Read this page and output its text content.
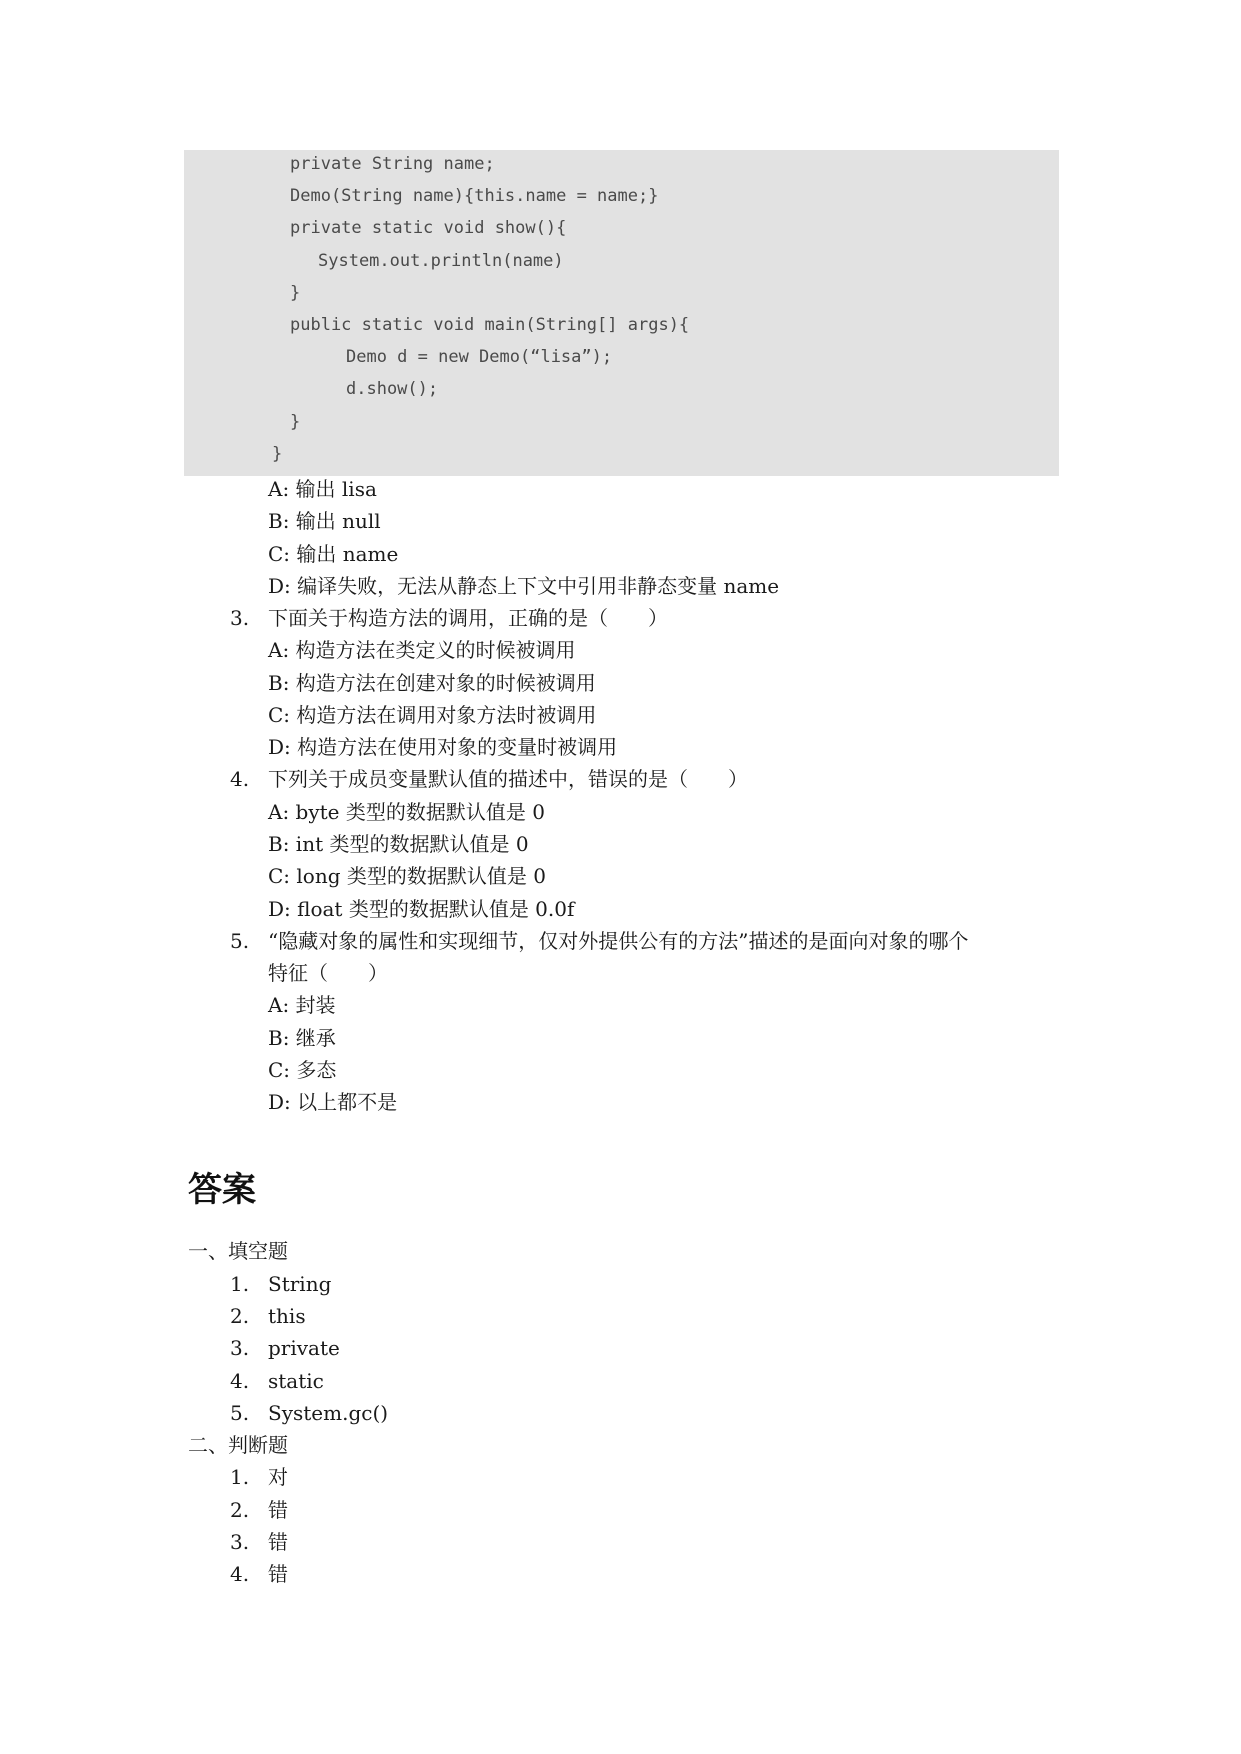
private String name;
Demo(String name){this.name = name;}
private static void show(){
System.out.println(name)
}
public static void main(String[] args){
Demo d = new Demo(“lisa”);
d.show();
}
}
A: 输出 lisa
B: 输出 null
C: 输出 name
D: 编译失败，无法从静态上下文中引用非静态变量 name
3. 下面关于构造方法的调用，正确的是（　　）
A: 构造方法在类定义的时候被调用
B: 构造方法在创建对象的时候被调用
C: 构造方法在调用对象方法时被调用
D: 构造方法在使用对象的变量时被调用
4. 下列关于成员变量默认值的描述中，错误的是（　　）
A: byte 类型的数据默认值是 0
B: int 类型的数据默认值是 0
C: long 类型的数据默认值是 0
D: float 类型的数据默认值是 0.0f
5. “隐藏对象的属性和实现细节，仅对外提供公有的方法”描述的是面向对象的哪个
特征（　　）
A: 封装
B: 继承
C: 多态
D: 以上都不是
答案
一、填空题
1. String
2. this
3. private
4. static
5. System.gc()
二、判断题
1. 对
2. 错
3. 错
4. 错
